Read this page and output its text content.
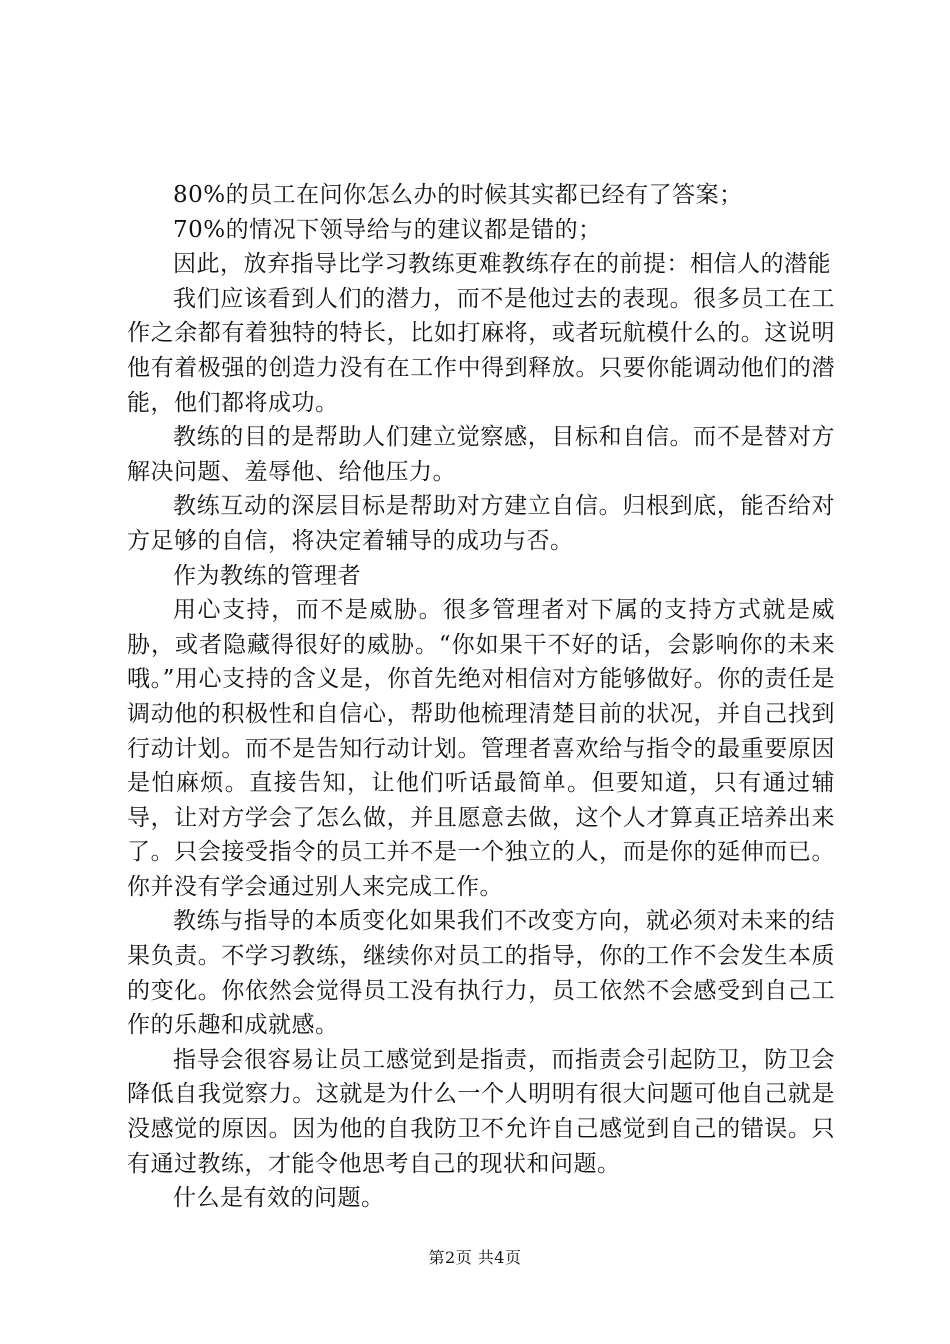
80%的员工在问你怎么办的时候其实都已经有了答案；

70%的情况下领导给与的建议都是错的；

因此，放弃指导比学习教练更难教练存在的前提：相信人的潜能

我们应该看到人们的潜力，而不是他过去的表现。很多员工在工作之余都有着独特的特长，比如打麻将，或者玩航模什么的。这说明他有着极强的创造力没有在工作中得到释放。只要你能调动他们的潜能，他们都将成功。

教练的目的是帮助人们建立觉察感，目标和自信。而不是替对方解决问题、羞辱他、给他压力。

教练互动的深层目标是帮助对方建立自信。归根到底，能否给对方足够的自信，将决定着辅导的成功与否。

作为教练的管理者

用心支持，而不是威胁。很多管理者对下属的支持方式就是威胁，或者隐藏得很好的威胁。“你如果干不好的话，会影响你的未来哦。”用心支持的含义是，你首先绝对相信对方能够做好。你的责任是调动他的积极性和自信心，帮助他梳理清楚目前的状况，并自己找到行动计划。而不是告知行动计划。管理者喜欢给与指令的最重要原因是怕麻烦。直接告知，让他们听话最简单。但要知道，只有通过辅导，让对方学会了怎么做，并且愿意去做，这个人才算真正培养出来了。只会接受指令的员工并不是一个独立的人，而是你的延伸而已。你并没有学会通过别人来完成工作。

教练与指导的本质变化如果我们不改变方向，就必须对未来的结果负责。不学习教练，继续你对员工的指导，你的工作不会发生本质的变化。你依然会觉得员工没有执行力，员工依然不会感受到自己工作的乐趣和成就感。

指导会很容易让员工感觉到是指责，而指责会引起防卫，防卫会降低自我觉察力。这就是为什么一个人明明有很大问题可他自己就是没感觉的原因。因为他的自我防卫不允许自己感觉到自己的错误。只有通过教练，才能令他思考自己的现状和问题。

什么是有效的问题。

第2页 共4页
